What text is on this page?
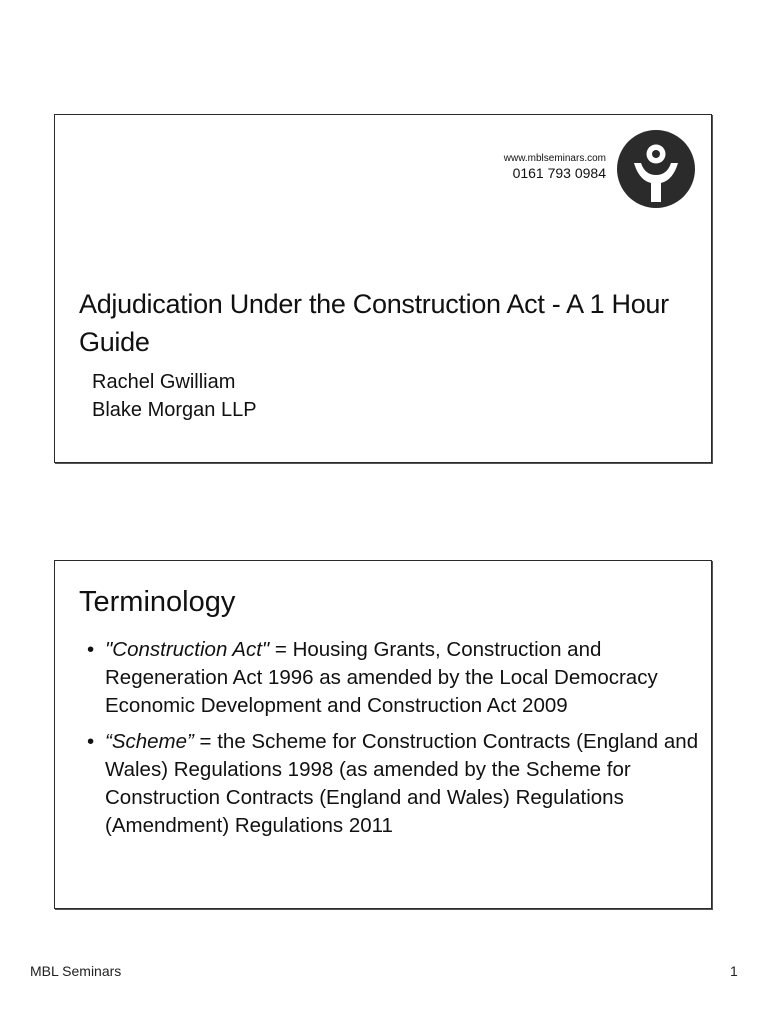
www.mblseminars.com
0161 793 0984
Adjudication Under the Construction Act - A 1 Hour Guide
Rachel Gwilliam
Blake Morgan LLP
Terminology
• "Construction Act" = Housing Grants, Construction and Regeneration Act 1996 as amended by the Local Democracy Economic Development and Construction Act 2009
• “Scheme” = the Scheme for Construction Contracts (England and Wales) Regulations 1998 (as amended by the Scheme for Construction Contracts (England and Wales) Regulations (Amendment) Regulations 2011
MBL Seminars	1
